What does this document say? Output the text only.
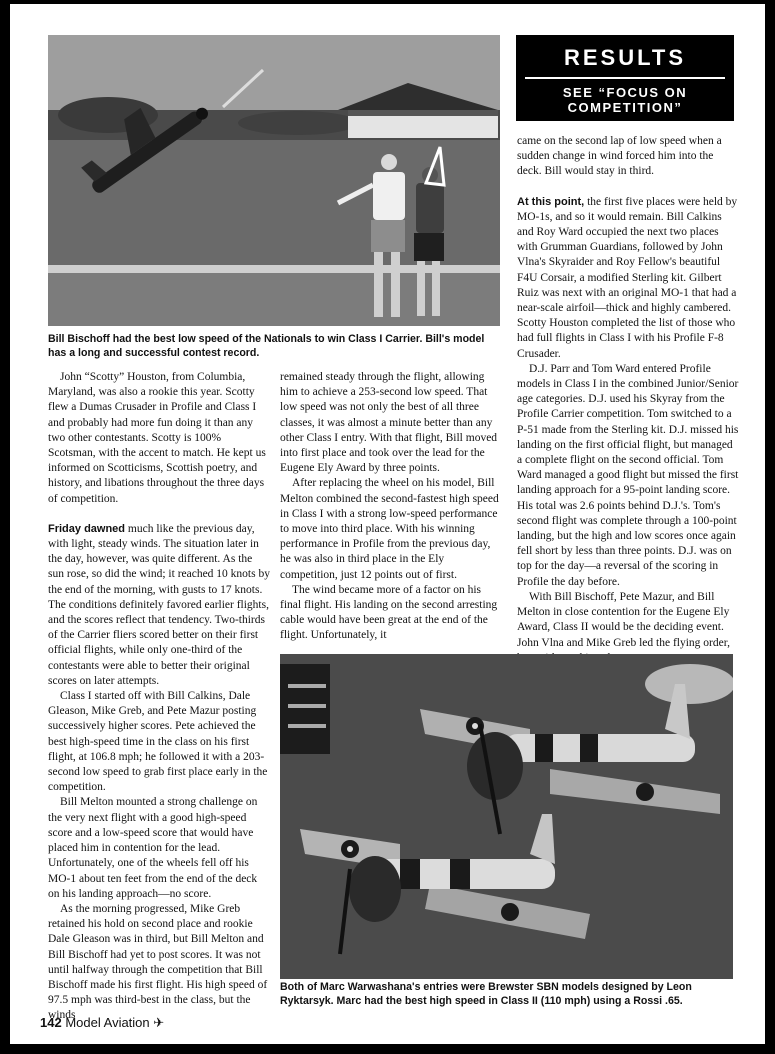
Bill Bischoff had the best low speed of the Nationals to win Class I Carrier. Bill's model has a long and successful contest record.
RESULTS
SEE “FOCUS ON
COMPETITION”

John “Scotty” Houston, from Columbia, Maryland, was also a rookie this year. Scotty flew a Dumas Crusader in Profile and Class I and probably had more fun doing it than any two other contestants. Scotty is 100% Scotsman, with the accent to match. He kept us informed on Scotticisms, Scottish poetry, and history, and libations throughout the three days of competition.

Friday dawned much like the previous day, with light, steady winds. The situation later in the day, however, was quite different. As the sun rose, so did the wind; it reached 10 knots by the end of the morning, with gusts to 17 knots. The conditions definitely favored earlier flights, and the scores reflect that tendency. Two-thirds of the Carrier fliers scored better on their first official flights, while only one-third of the contestants were able to better their original scores on later attempts.

Class I started off with Bill Calkins, Dale Gleason, Mike Greb, and Pete Mazur posting successively higher scores. Pete achieved the best high-speed time in the class on his first flight, at 106.8 mph; he followed it with a 203-second low speed to grab first place early in the competition.

Bill Melton mounted a strong challenge on the very next flight with a good high-speed score and a low-speed score that would have placed him in contention for the lead. Unfortunately, one of the wheels fell off his MO-1 about ten feet from the end of the deck on his landing approach—no score.

As the morning progressed, Mike Greb retained his hold on second place and rookie Dale Gleason was in third, but Bill Melton and Bill Bischoff had yet to post scores. It was not until halfway through the competition that Bill Bischoff made his first flight. His high speed of 97.5 mph was third-best in the class, but the winds

remained steady through the flight, allowing him to achieve a 253-second low speed. That low speed was not only the best of all three classes, it was almost a minute better than any other Class I entry. With that flight, Bill moved into first place and took over the lead for the Eugene Ely Award by three points.

After replacing the wheel on his model, Bill Melton combined the second-fastest high speed in Class I with a strong low-speed performance to move into third place. With his winning performance in Profile from the previous day, he was also in third place in the Ely competition, just 12 points out of first.

The wind became more of a factor on his final flight. His landing on the second arresting cable would have been great at the end of the flight. Unfortunately, it

came on the second lap of low speed when a sudden change in wind forced him into the deck. Bill would stay in third.

At this point, the first five places were held by MO-1s, and so it would remain. Bill Calkins and Roy Ward occupied the next two places with Grumman Guardians, followed by John Vlna's Skyraider and Roy Fellow's beautiful F4U Corsair, a modified Sterling kit. Gilbert Ruiz was next with an original MO-1 that had a near-scale airfoil—thick and highly cambered. Scotty Houston completed the list of those who had full flights in Class I with his Profile F-8 Crusader.

D.J. Parr and Tom Ward entered Profile models in Class I in the combined Junior/Senior age categories. D.J. used his Skyray from the Profile Carrier competition. Tom switched to a P-51 made from the Sterling kit. D.J. missed his landing on the first official flight, but managed a complete flight on the second official. Tom Ward managed a good flight but missed the first landing approach for a 95-point landing score. His total was 2.6 points behind D.J.'s. Tom's second flight was complete through a 100-point landing, but the high and low scores once again fell short by less than three points. D.J. was on top for the day—a reversal of the scoring in Profile the day before.

With Bill Bischoff, Pete Mazur, and Bill Melton in close contention for the Eugene Ely Award, Class II would be the deciding event. John Vlna and Mike Greb led the flying order,

Both of Marc Warwashana's entries were Brewster SBN models designed by Leon Ryktarsyk. Marc had the best high speed in Class II (110 mph) using a Rossi .65.
142 Model Aviation ✈
